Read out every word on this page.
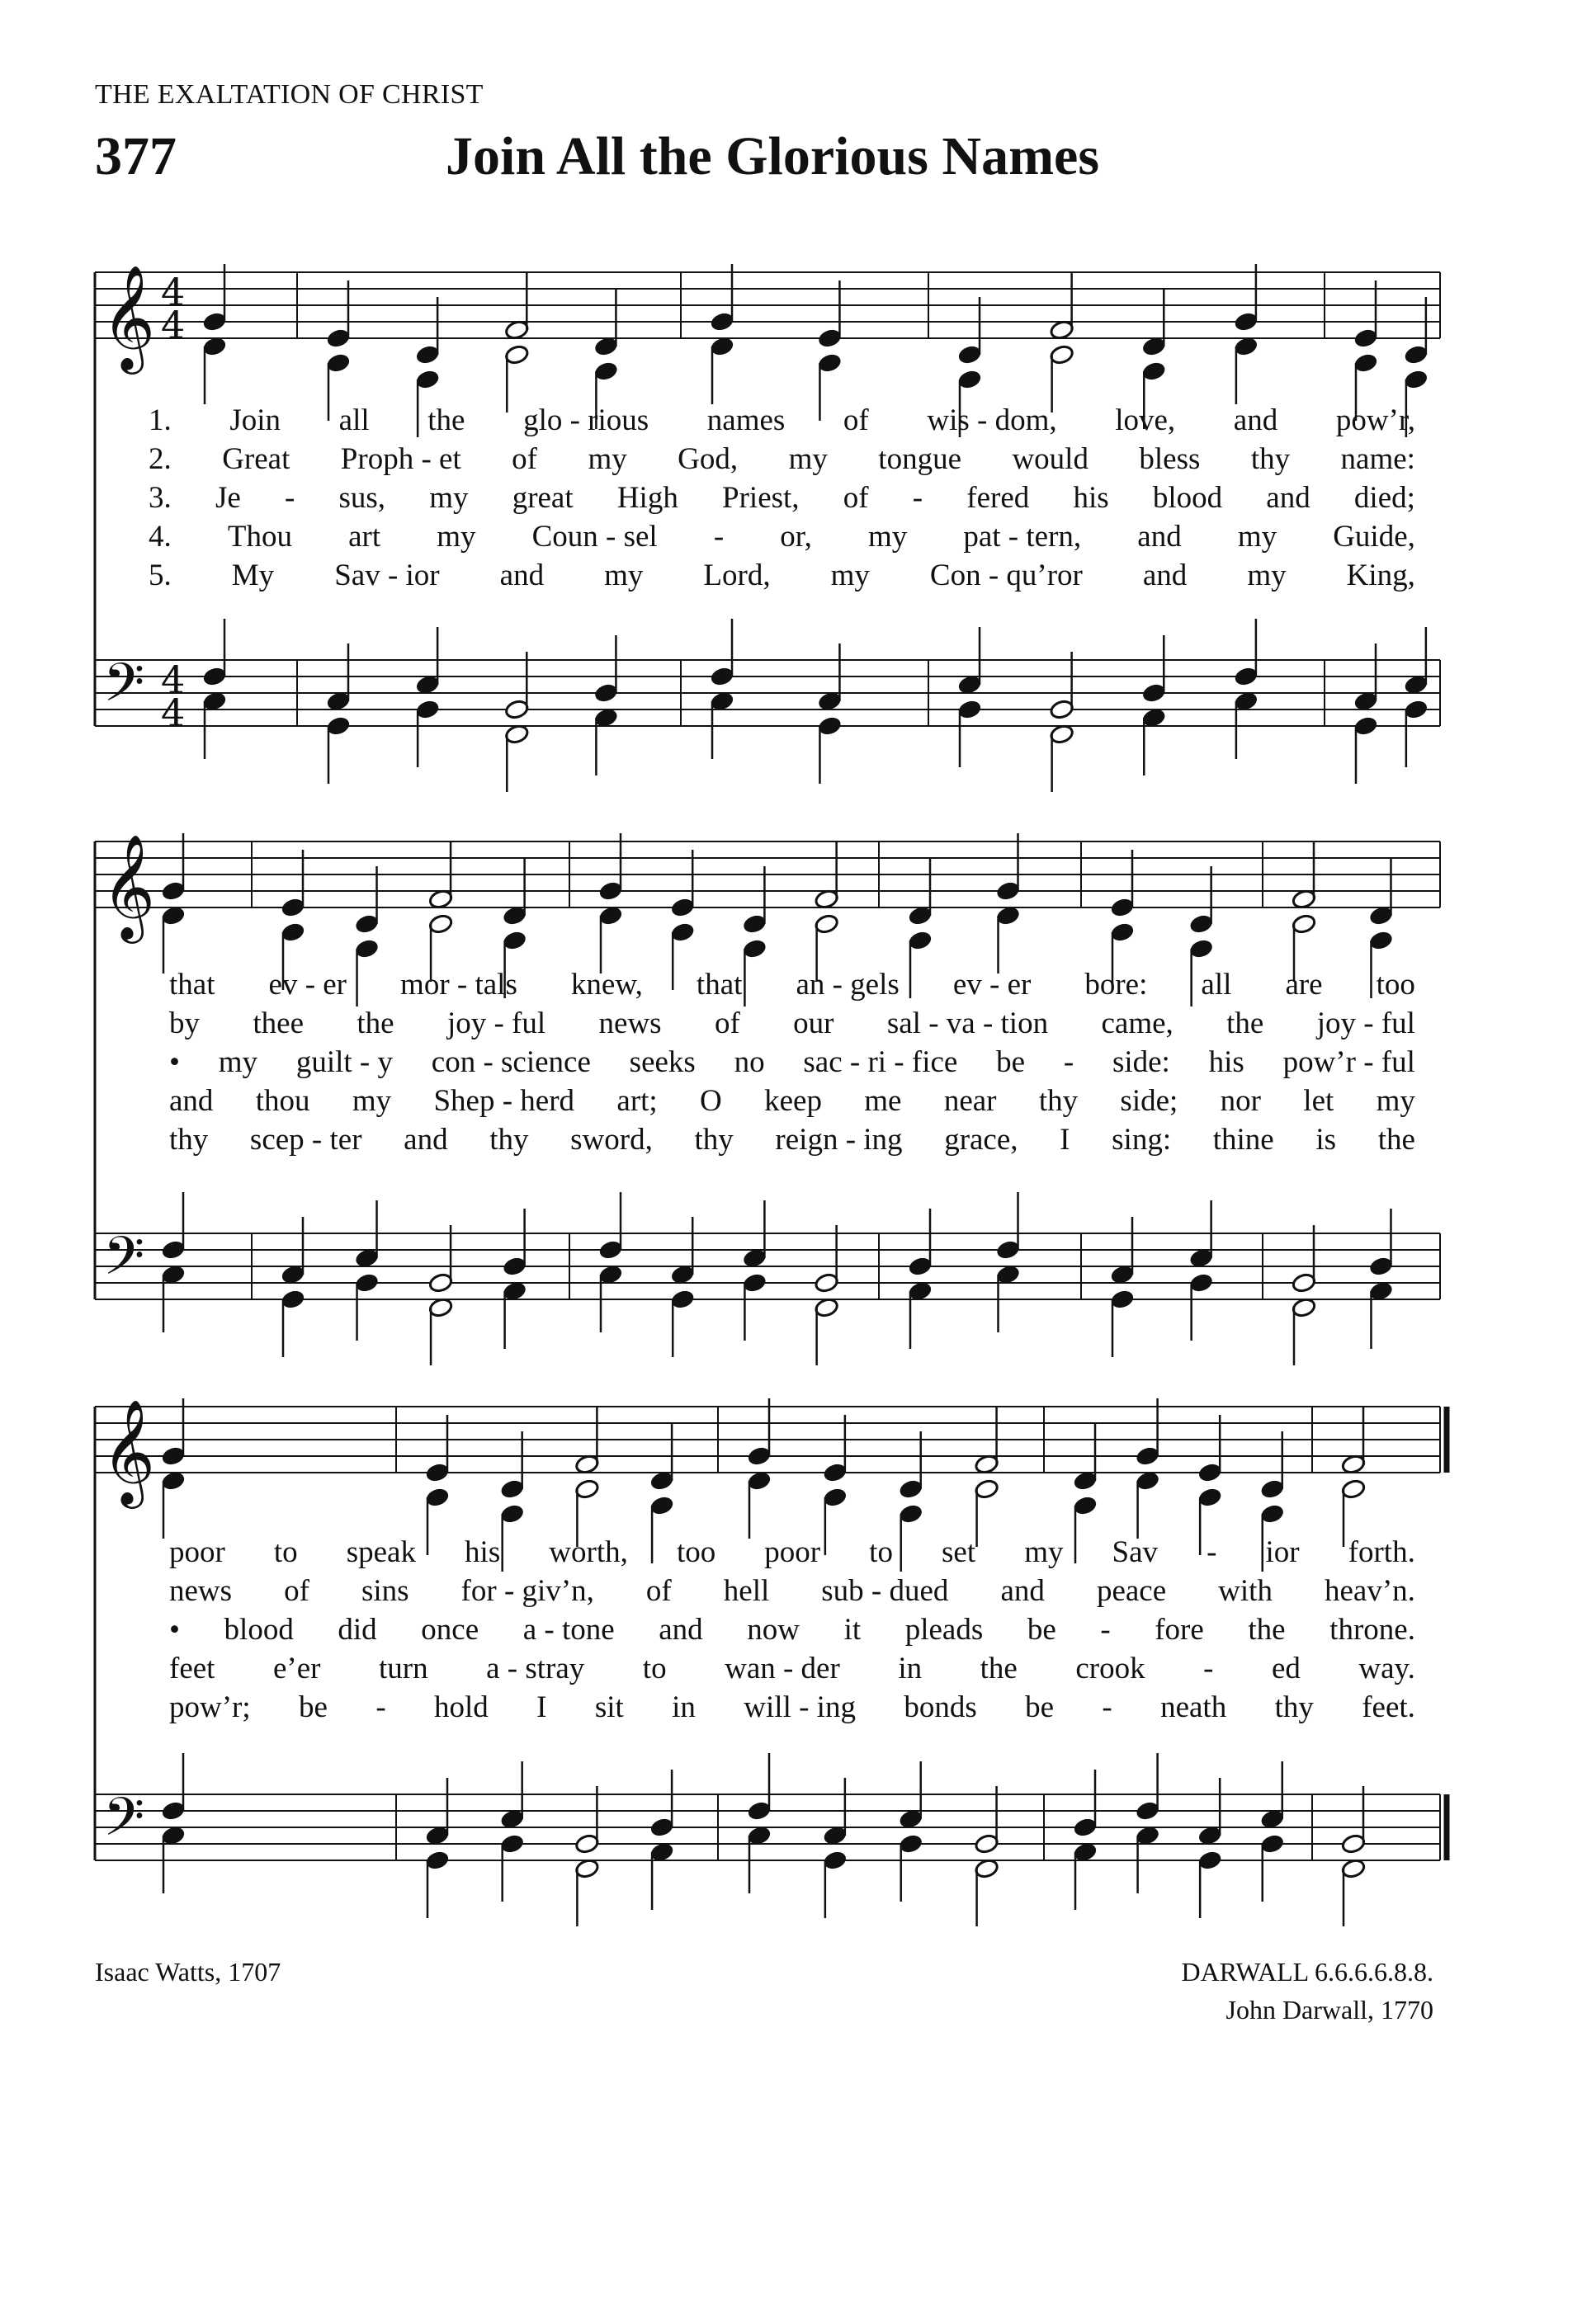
THE EXALTATION OF CHRIST
377	Join All the Glorious Names
𝄞
𝄢
4
4
4
4
𝄞
𝄢
𝄞
𝄢
1. Join all the glo - rious names of wis - dom, love, and pow’r,
2. Great Proph - et of my God, my tongue would bless thy name:
3. Je - sus, my great High Priest, of - fered his blood and died;
4. Thou art my Coun - sel - or, my pat - tern, and my Guide,
5. My Sav - ior and my Lord, my Con - qu’ror and my King,
that ev - er mor - tals knew, that an - gels ev - er bore: all are too
by thee the joy - ful news of our sal - va - tion came, the joy - ful
• my guilt - y con - science seeks no sac - ri - fice be - side: his pow’r - ful
and thou my Shep - herd art; O keep me near thy side; nor let my
thy scep - ter and thy sword, thy reign - ing grace, I sing: thine is the
poor to speak his worth, too poor to set my Sav - ior forth.
news of sins for - giv’n, of hell sub - dued and peace with heav’n.
• blood did once a - tone and now it pleads be - fore the throne.
feet e’er turn a - stray to wan - der in the crook - ed way.
pow’r; be - hold I sit in will - ing bonds be - neath thy feet.
Isaac Watts, 1707	DARWALL 6.6.6.6.8.8.
John Darwall, 1770
